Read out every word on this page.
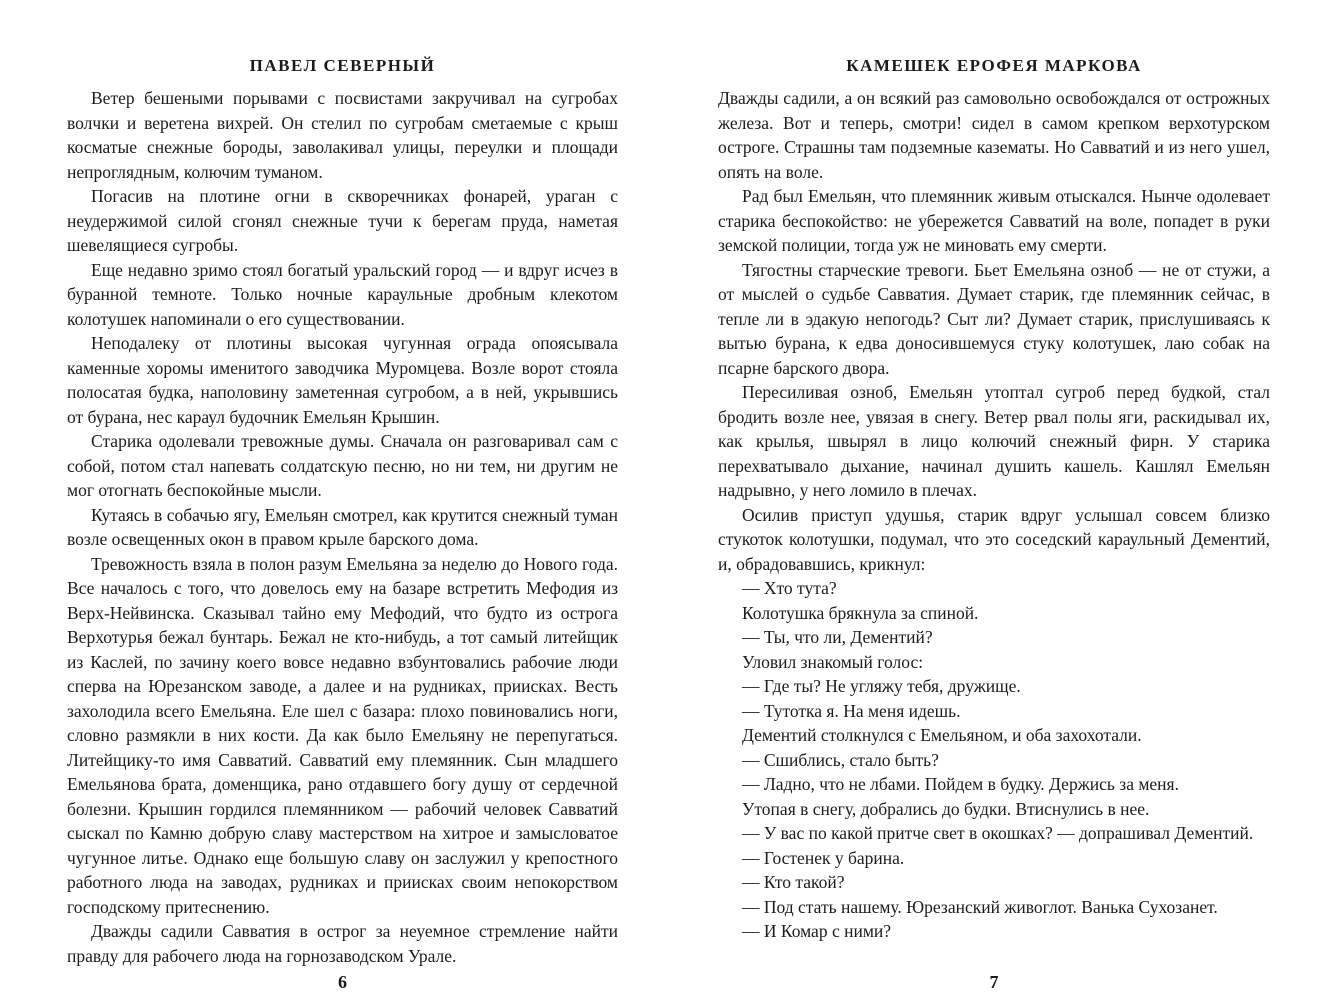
ПАВЕЛ СЕВЕРНЫЙ

Ветер бешеными порывами с посвистами закручивал на сугробах волчки и веретена вихрей. Он стелил по сугробам сметаемые с крыш косматые снежные бороды, заволакивал улицы, переулки и площади непроглядным, колючим туманом.

Погасив на плотине огни в скворечниках фонарей, ураган с неудержимой силой сгонял снежные тучи к берегам пруда, наметая шевелящиеся сугробы.

Еще недавно зримо стоял богатый уральский город — и вдруг исчез в буранной темноте. Только ночные караульные дробным клекотом колотушек напоминали о его существовании.

Неподалеку от плотины высокая чугунная ограда опоясывала каменные хоромы именитого заводчика Муромцева. Возле ворот стояла полосатая будка, наполовину заметенная сугробом, а в ней, укрывшись от бурана, нес караул будочник Емельян Крышин.

Старика одолевали тревожные думы. Сначала он разговаривал сам с собой, потом стал напевать солдатскую песню, но ни тем, ни другим не мог отогнать беспокойные мысли.

Кутаясь в собачью ягу, Емельян смотрел, как крутится снежный туман возле освещенных окон в правом крыле барского дома.

Тревожность взяла в полон разум Емельяна за неделю до Нового года. Все началось с того, что довелось ему на базаре встретить Мефодия из Верх-Нейвинска. Сказывал тайно ему Мефодий, что будто из острога Верхотурья бежал бунтарь. Бежал не кто-нибудь, а тот самый литейщик из Каслей, по зачину коего вовсе недавно взбунтовались рабочие люди сперва на Юрезанском заводе, а далее и на рудниках, приисках. Весть захолодила всего Емельяна. Еле шел с базара: плохо повиновались ноги, словно размякли в них кости. Да как было Емельяну не перепугаться. Литейщику-то имя Савватий. Савватий ему племянник. Сын младшего Емельянова брата, доменщика, рано отдавшего богу душу от сердечной болезни. Крышин гордился племянником — рабочий человек Савватий сыскал по Камню добрую славу мастерством на хитрое и замысловатое чугунное литье. Однако еще большую славу он заслужил у крепостного работного люда на заводах, рудниках и приисках своим непокорством господскому притеснению.

Дважды садили Савватия в острог за неуемное стремление найти правду для рабочего люда на горнозаводском Урале.

6
КАМЕШЕК ЕРОФЕЯ МАРКОВА

Дважды садили, а он всякий раз самовольно освобождался от острожных железа. Вот и теперь, смотри! сидел в самом крепком верхотурском остроге. Страшны там подземные казематы. Но Савватий и из него ушел, опять на воле.

Рад был Емельян, что племянник живым отыскался. Нынче одолевает старика беспокойство: не убережется Савватий на воле, попадет в руки земской полиции, тогда уж не миновать ему смерти.

Тягостны старческие тревоги. Бьет Емельяна озноб — не от стужи, а от мыслей о судьбе Савватия. Думает старик, где племянник сейчас, в тепле ли в эдакую непогодь? Сыт ли? Думает старик, прислушиваясь к вытью бурана, к едва доносившемуся стуку колотушек, лаю собак на псарне барского двора.

Пересиливая озноб, Емельян утоптал сугроб перед будкой, стал бродить возле нее, увязая в снегу. Ветер рвал полы яги, раскидывал их, как крылья, швырял в лицо колючий снежный фирн. У старика перехватывало дыхание, начинал душить кашель. Кашлял Емельян надрывно, у него ломило в плечах.

Осилив приступ удушья, старик вдруг услышал совсем близко стукоток колотушки, подумал, что это соседский караульный Дементий, и, обрадовавшись, крикнул:

— Хто тута?

Колотушка брякнула за спиной.

— Ты, что ли, Дементий?

Уловил знакомый голос:

— Где ты? Не угляжу тебя, дружище.

— Тутотка я. На меня идешь.

Дементий столкнулся с Емельяном, и оба захохотали.

— Сшиблись, стало быть?

— Ладно, что не лбами. Пойдем в будку. Держись за меня.

Утопая в снегу, добрались до будки. Втиснулись в нее.

— У вас по какой притче свет в окошках? — допрашивал Дементий.

— Гостенек у барина.

— Кто такой?

— Под стать нашему. Юрезанский живоглот. Ванька Сухозанет.

— И Комар с ними?

7
